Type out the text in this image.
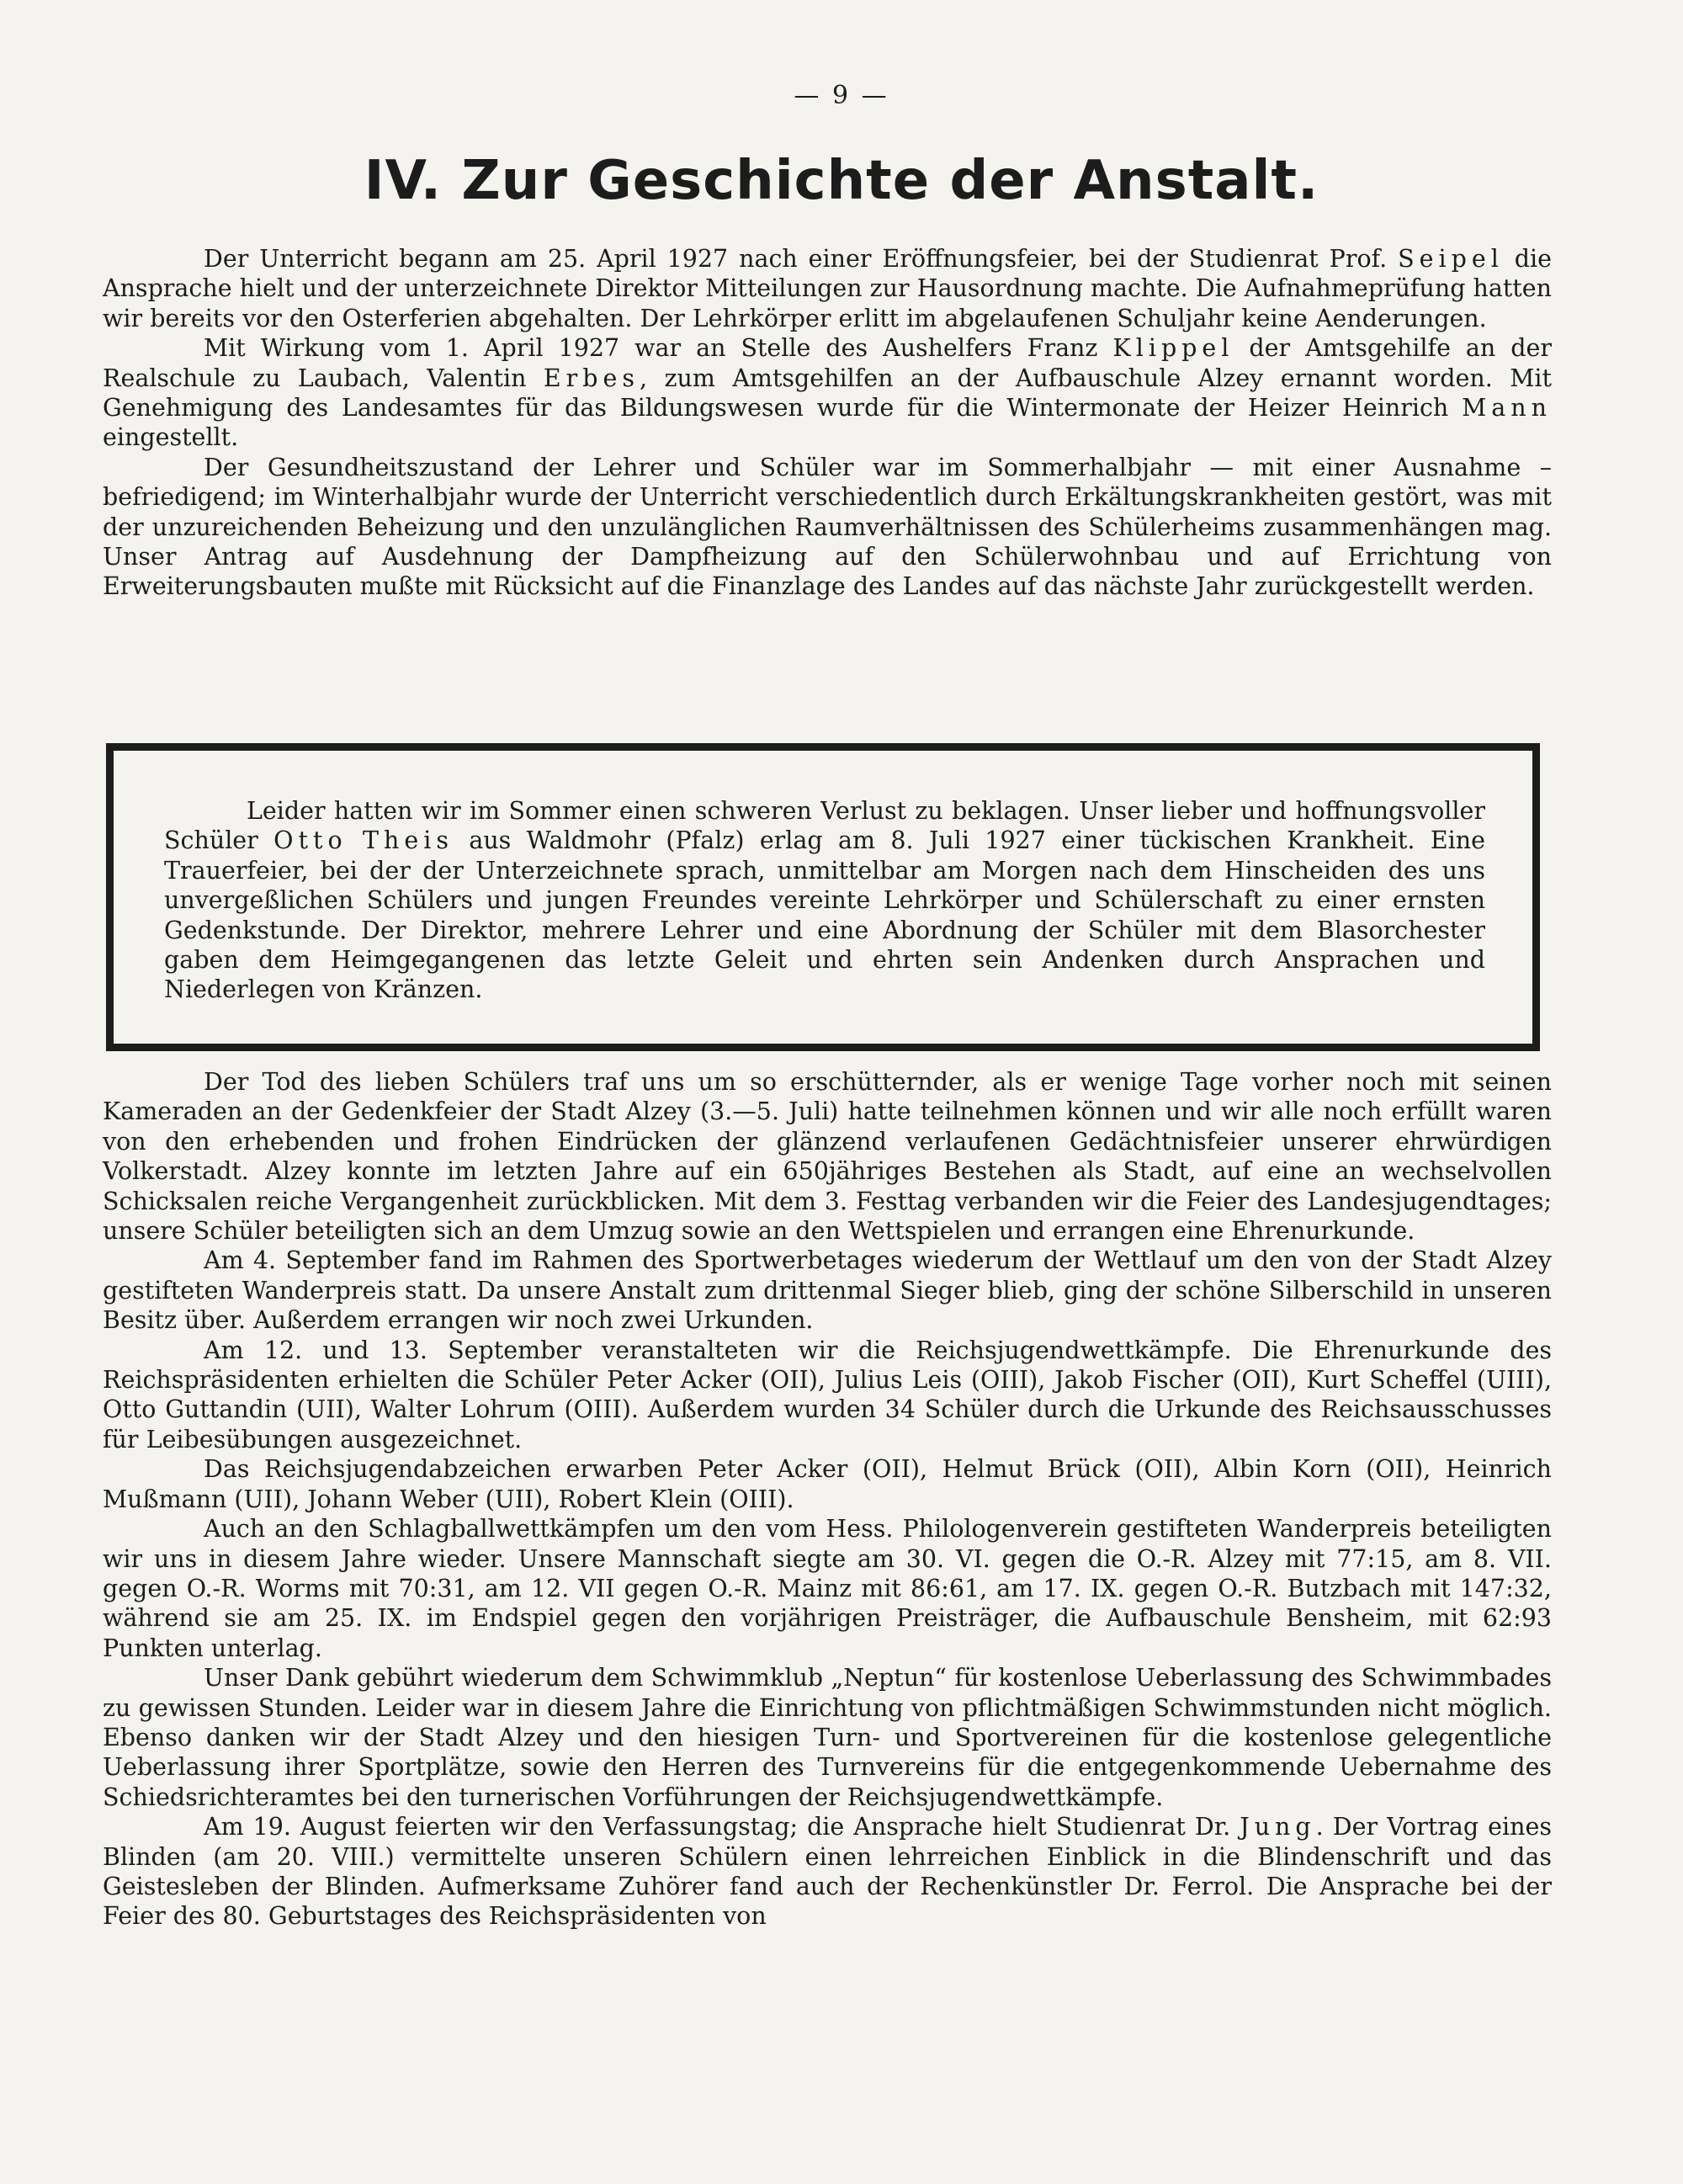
— 9 —
IV. Zur Geschichte der Anstalt.

Der Unterricht begann am 25. April 1927 nach einer Eröffnungsfeier, bei der Studienrat Prof. Seipel die Ansprache hielt und der unterzeichnete Direktor Mitteilungen zur Hausordnung machte. Die Aufnahmeprüfung hatten wir bereits vor den Osterferien abgehalten. Der Lehrkörper erlitt im abgelaufenen Schuljahr keine Aenderungen.

Mit Wirkung vom 1. April 1927 war an Stelle des Aushelfers Franz Klippel der Amtsgehilfe an der Realschule zu Laubach, Valentin Erbes, zum Amtsgehilfen an der Aufbauschule Alzey ernannt worden. Mit Genehmigung des Landesamtes für das Bildungswesen wurde für die Wintermonate der Heizer Heinrich Mann eingestellt.

Der Gesundheitszustand der Lehrer und Schüler war im Sommerhalbjahr — mit einer Ausnahme – befriedigend; im Winterhalbjahr wurde der Unterricht verschiedentlich durch Erkältungskrankheiten gestört, was mit der unzureichenden Beheizung und den unzulänglichen Raumverhältnissen des Schülerheims zusammenhängen mag. Unser Antrag auf Ausdehnung der Dampfheizung auf den Schülerwohnbau und auf Errichtung von Erweiterungsbauten mußte mit Rücksicht auf die Finanzlage des Landes auf das nächste Jahr zurückgestellt werden.

Leider hatten wir im Sommer einen schweren Verlust zu beklagen. Unser lieber und hoffnungsvoller Schüler Otto Theis aus Waldmohr (Pfalz) erlag am 8. Juli 1927 einer tückischen Krankheit. Eine Trauerfeier, bei der der Unterzeichnete sprach, unmittelbar am Morgen nach dem Hinscheiden des uns unvergeßlichen Schülers und jungen Freundes vereinte Lehrkörper und Schülerschaft zu einer ernsten Gedenkstunde. Der Direktor, mehrere Lehrer und eine Abordnung der Schüler mit dem Blasorchester gaben dem Heimgegangenen das letzte Geleit und ehrten sein Andenken durch Ansprachen und Niederlegen von Kränzen.

Der Tod des lieben Schülers traf uns um so erschütternder, als er wenige Tage vorher noch mit seinen Kameraden an der Gedenkfeier der Stadt Alzey (3.—5. Juli) hatte teilnehmen können und wir alle noch erfüllt waren von den erhebenden und frohen Eindrücken der glänzend verlaufenen Gedächtnisfeier unserer ehrwürdigen Volkerstadt. Alzey konnte im letzten Jahre auf ein 650jähriges Bestehen als Stadt, auf eine an wechselvollen Schicksalen reiche Vergangenheit zurückblicken. Mit dem 3. Festtag verbanden wir die Feier des Landesjugendtages; unsere Schüler beteiligten sich an dem Umzug sowie an den Wettspielen und errangen eine Ehrenurkunde.

Am 4. September fand im Rahmen des Sportwerbetages wiederum der Wettlauf um den von der Stadt Alzey gestifteten Wanderpreis statt. Da unsere Anstalt zum drittenmal Sieger blieb, ging der schöne Silberschild in unseren Besitz über. Außerdem errangen wir noch zwei Urkunden.

Am 12. und 13. September veranstalteten wir die Reichsjugendwettkämpfe. Die Ehrenurkunde des Reichspräsidenten erhielten die Schüler Peter Acker (OII), Julius Leis (OIII), Jakob Fischer (OII), Kurt Scheffel (UIII), Otto Guttandin (UII), Walter Lohrum (OIII). Außerdem wurden 34 Schüler durch die Urkunde des Reichsausschusses für Leibesübungen ausgezeichnet.

Das Reichsjugendabzeichen erwarben Peter Acker (OII), Helmut Brück (OII), Albin Korn (OII), Heinrich Mußmann (UII), Johann Weber (UII), Robert Klein (OIII).

Auch an den Schlagballwettkämpfen um den vom Hess. Philologenverein gestifteten Wanderpreis beteiligten wir uns in diesem Jahre wieder. Unsere Mannschaft siegte am 30. VI. gegen die O.-R. Alzey mit 77:15, am 8. VII. gegen O.-R. Worms mit 70:31, am 12. VII gegen O.-R. Mainz mit 86:61, am 17. IX. gegen O.-R. Butzbach mit 147:32, während sie am 25. IX. im Endspiel gegen den vorjährigen Preisträger, die Aufbauschule Bensheim, mit 62:93 Punkten unterlag.

Unser Dank gebührt wiederum dem Schwimmklub „Neptun“ für kostenlose Ueberlassung des Schwimmbades zu gewissen Stunden. Leider war in diesem Jahre die Einrichtung von pflichtmäßigen Schwimmstunden nicht möglich. Ebenso danken wir der Stadt Alzey und den hiesigen Turn- und Sportvereinen für die kostenlose gelegentliche Ueberlassung ihrer Sportplätze, sowie den Herren des Turnvereins für die entgegenkommende Uebernahme des Schiedsrichteramtes bei den turnerischen Vorführungen der Reichsjugendwettkämpfe.

Am 19. August feierten wir den Verfassungstag; die Ansprache hielt Studienrat Dr. Jung. Der Vortrag eines Blinden (am 20. VIII.) vermittelte unseren Schülern einen lehrreichen Einblick in die Blindenschrift und das Geistesleben der Blinden. Aufmerksame Zuhörer fand auch der Rechenkünstler Dr. Ferrol. Die Ansprache bei der Feier des 80. Geburtstages des Reichspräsidenten von
